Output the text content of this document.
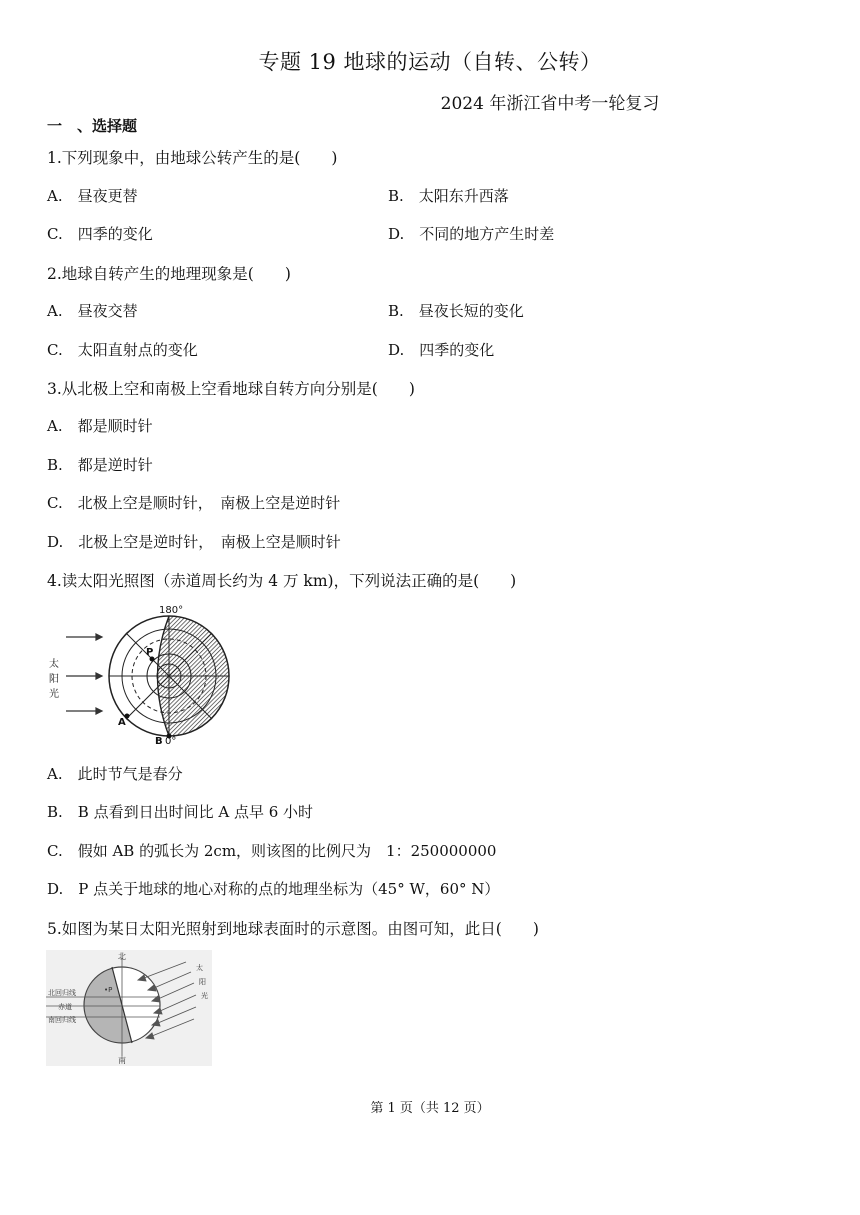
专题 19 地球的运动（自转、公转）
2024 年浙江省中考一轮复习
一　、选择题
1.下列现象中，由地球公转产生的是(　　)
A.　昼夜更替	B.　太阳东升西落
C.　四季的变化	D.　不同的地方产生时差
2.地球自转产生的地理现象是(　　)
A.　昼夜交替	B.　昼夜长短的变化
C.　太阳直射点的变化	D.　四季的变化
3.从北极上空和南极上空看地球自转方向分别是(　　)
A.　都是顺时针
B.　都是逆时针
C.　北极上空是顺时针，　南极上空是逆时针
D.　北极上空是逆时针，　南极上空是顺时针
4.读太阳光照图（赤道周长约为 4 万 km)，下列说法正确的是(　　)
太
阳
光
P
A
B 0°
180°
A.　此时节气是春分
B.　B 点看到日出时间比 A 点早 6 小时
C.　假如 AB 的弧长为 2cm，则该图的比例尺为　1：250000000
D.　P 点关于地球的地心对称的点的地理坐标为（45° W，60° N）
5.如图为某日太阳光照射到地球表面时的示意图。由图可知，此日(　　)
北
南
北回归线
赤道
南回归线
•P
太
阳
光
第 1 页（共 12 页）
